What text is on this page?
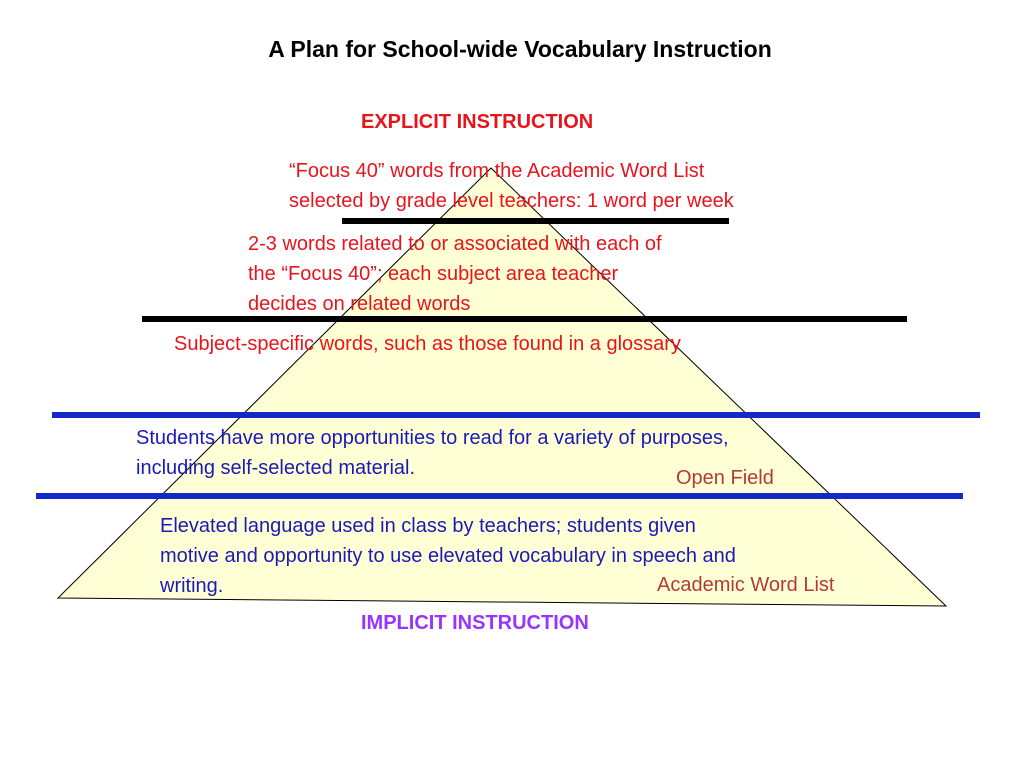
A Plan for School-wide Vocabulary Instruction
EXPLICIT INSTRUCTION
“Focus 40” words from the Academic Word List
selected by grade level teachers: 1 word per week
2-3 words related to or associated with each of
the “Focus 40”; each subject area teacher
decides on related words
Subject-specific words, such as those found in a glossary
Students have more opportunities to read for a variety of purposes,
including self-selected material.	Open Field
Elevated language used in class by teachers; students given
motive and opportunity to use elevated vocabulary in speech and
writing.	Academic Word List
IMPLICIT INSTRUCTION
